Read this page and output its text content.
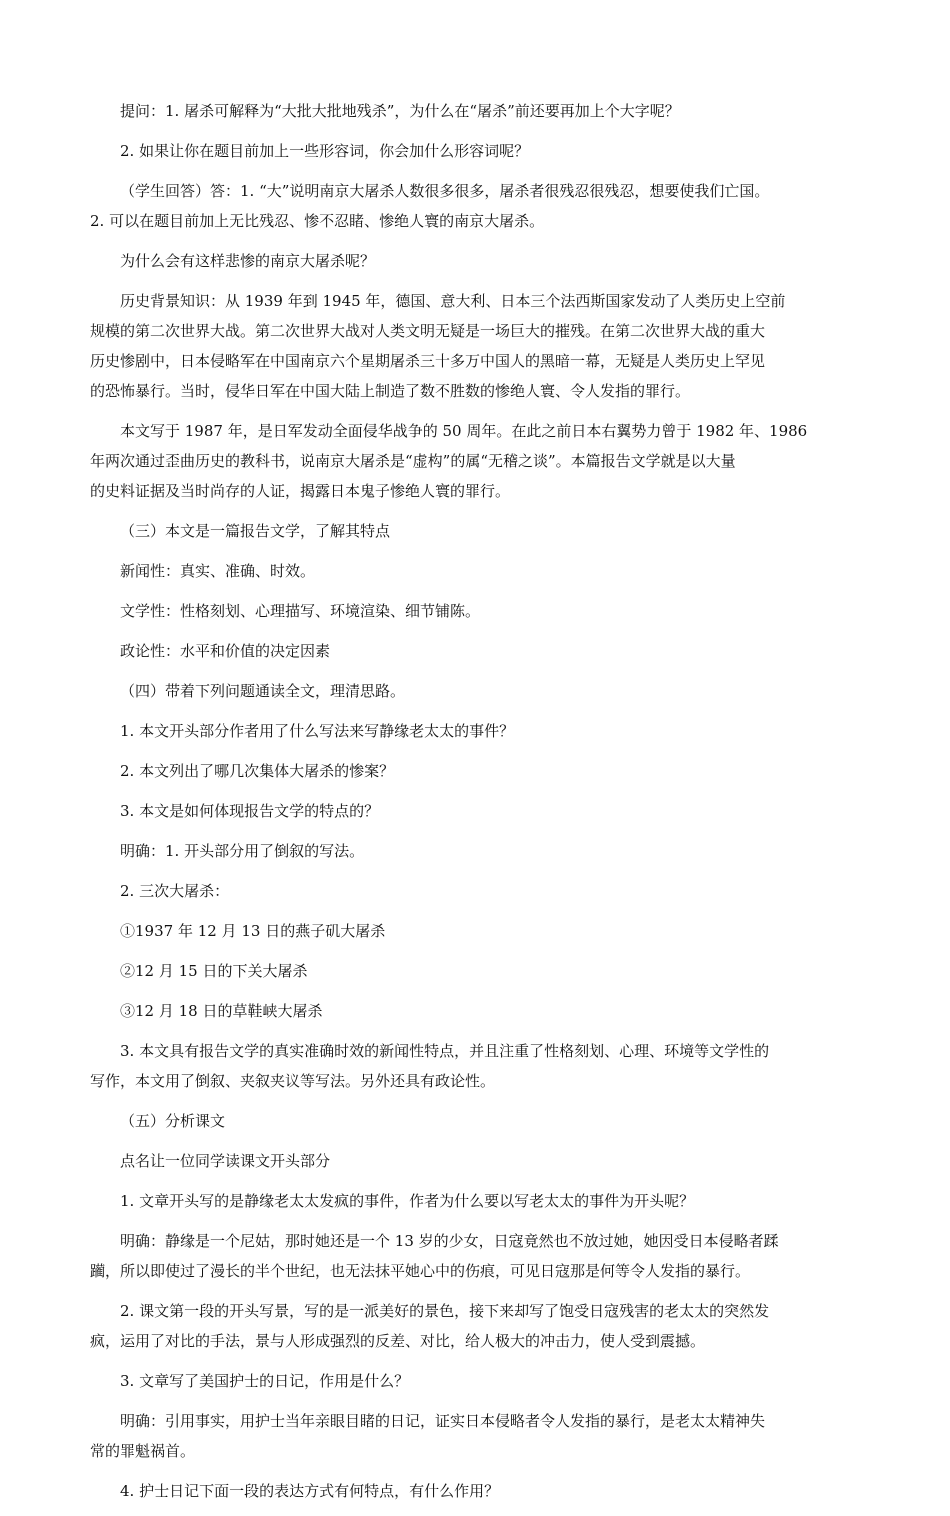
提问：1. 屠杀可解释为“大批大批地残杀”，为什么在“屠杀”前还要再加上个大字呢？
2. 如果让你在题目前加上一些形容词，你会加什么形容词呢？
（学生回答）答：1. “大”说明南京大屠杀人数很多很多，屠杀者很残忍很残忍，想要使我们亡国。
2. 可以在题目前加上无比残忍、惨不忍睹、惨绝人寰的南京大屠杀。
为什么会有这样悲惨的南京大屠杀呢？
历史背景知识：从 1939 年到 1945 年，德国、意大利、日本三个法西斯国家发动了人类历史上空前
规模的第二次世界大战。第二次世界大战对人类文明无疑是一场巨大的摧残。在第二次世界大战的重大
历史惨剧中，日本侵略军在中国南京六个星期屠杀三十多万中国人的黑暗一幕，无疑是人类历史上罕见
的恐怖暴行。当时，侵华日军在中国大陆上制造了数不胜数的惨绝人寰、令人发指的罪行。
本文写于 1987 年，是日军发动全面侵华战争的 50 周年。在此之前日本右翼势力曾于 1982 年、1986
年两次通过歪曲历史的教科书，说南京大屠杀是“虚构”的属“无稽之谈”。本篇报告文学就是以大量
的史料证据及当时尚存的人证，揭露日本鬼子惨绝人寰的罪行。
（三）本文是一篇报告文学，了解其特点
新闻性：真实、准确、时效。
文学性：性格刻划、心理描写、环境渲染、细节铺陈。
政论性：水平和价值的决定因素
（四）带着下列问题通读全文，理清思路。
1. 本文开头部分作者用了什么写法来写静缘老太太的事件？
2. 本文列出了哪几次集体大屠杀的惨案？
3. 本文是如何体现报告文学的特点的？
明确：1. 开头部分用了倒叙的写法。
2. 三次大屠杀：
①1937 年 12 月 13 日的燕子矶大屠杀
②12 月 15 日的下关大屠杀
③12 月 18 日的草鞋峡大屠杀
3. 本文具有报告文学的真实准确时效的新闻性特点，并且注重了性格刻划、心理、环境等文学性的
写作，本文用了倒叙、夹叙夹议等写法。另外还具有政论性。
（五）分析课文
点名让一位同学读课文开头部分
1. 文章开头写的是静缘老太太发疯的事件，作者为什么要以写老太太的事件为开头呢？
明确：静缘是一个尼姑，那时她还是一个 13 岁的少女，日寇竟然也不放过她，她因受日本侵略者蹂
躏，所以即使过了漫长的半个世纪，也无法抹平她心中的伤痕，可见日寇那是何等令人发指的暴行。
2. 课文第一段的开头写景，写的是一派美好的景色，接下来却写了饱受日寇残害的老太太的突然发
疯，运用了对比的手法，景与人形成强烈的反差、对比，给人极大的冲击力，使人受到震撼。
3. 文章写了美国护士的日记，作用是什么？
明确：引用事实，用护士当年亲眼目睹的日记，证实日本侵略者令人发指的暴行，是老太太精神失
常的罪魁祸首。
4. 护士日记下面一段的表达方式有何特点，有什么作用？
